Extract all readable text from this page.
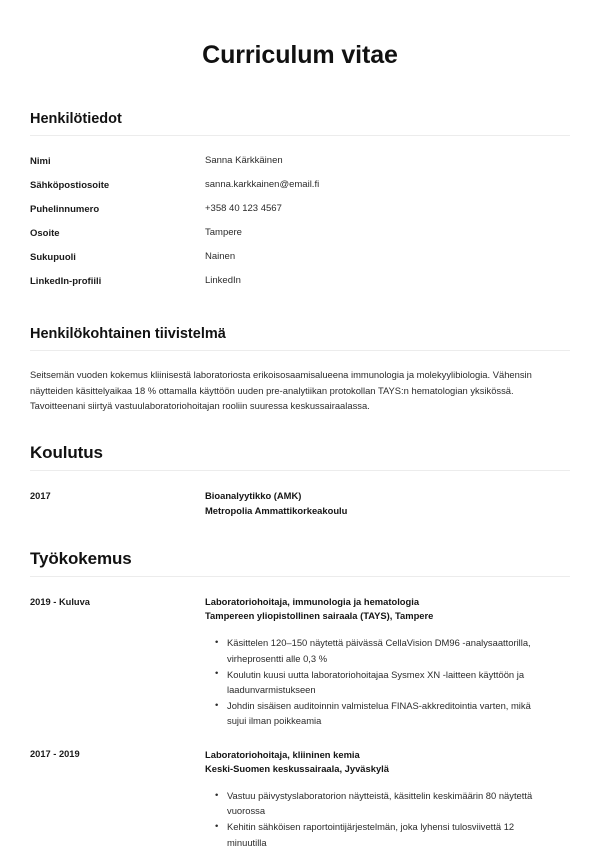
Curriculum vitae
Henkilötiedot
Nimi	Sanna Kärkkäinen
Sähköpostiosoite	sanna.karkkainen@email.fi
Puhelinnumero	+358 40 123 4567
Osoite	Tampere
Sukupuoli	Nainen
LinkedIn-profiili	LinkedIn
Henkilökohtainen tiivistelmä

Seitsemän vuoden kokemus kliinisestä laboratoriosta erikoisosaamisalueena immunologia ja molekyylibiologia. Vähensin näytteiden käsittelyaikaa 18 % ottamalla käyttöön uuden pre-analytiikan protokollan TAYS:n hematologian yksikössä. Tavoitteenani siirtyä vastuulaboratoriohoitajan rooliin suuressa keskussairaalassa.

Koulutus
2017	Bioanalyytikko (AMK)
Metropolia Ammattikorkeakoulu
Työkokemus
2019 - Kuluva	Laboratoriohoitaja, immunologia ja hematologia
Tampereen yliopistollinen sairaala (TAYS), Tampere
• Käsittelen 120–150 näytettä päivässä CellaVision DM96 -analysaattorilla, virheprosentti alle 0,3 %
• Koulutin kuusi uutta laboratoriohoitajaa Sysmex XN -laitteen käyttöön ja laadunvarmistukseen
• Johdin sisäisen auditoinnin valmistelua FINAS-akkreditointia varten, mikä sujui ilman poikkeamia
2017 - 2019	Laboratoriohoitaja, kliininen kemia
Keski-Suomen keskussairaala, Jyväskylä
• Vastuu päivystyslaboratorion näytteistä, käsittelin keskimäärin 80 näytettä vuorossa
• Kehitin sähköisen raportointijärjestelmän, joka lyhensi tulosviivettä 12 minuutilla
